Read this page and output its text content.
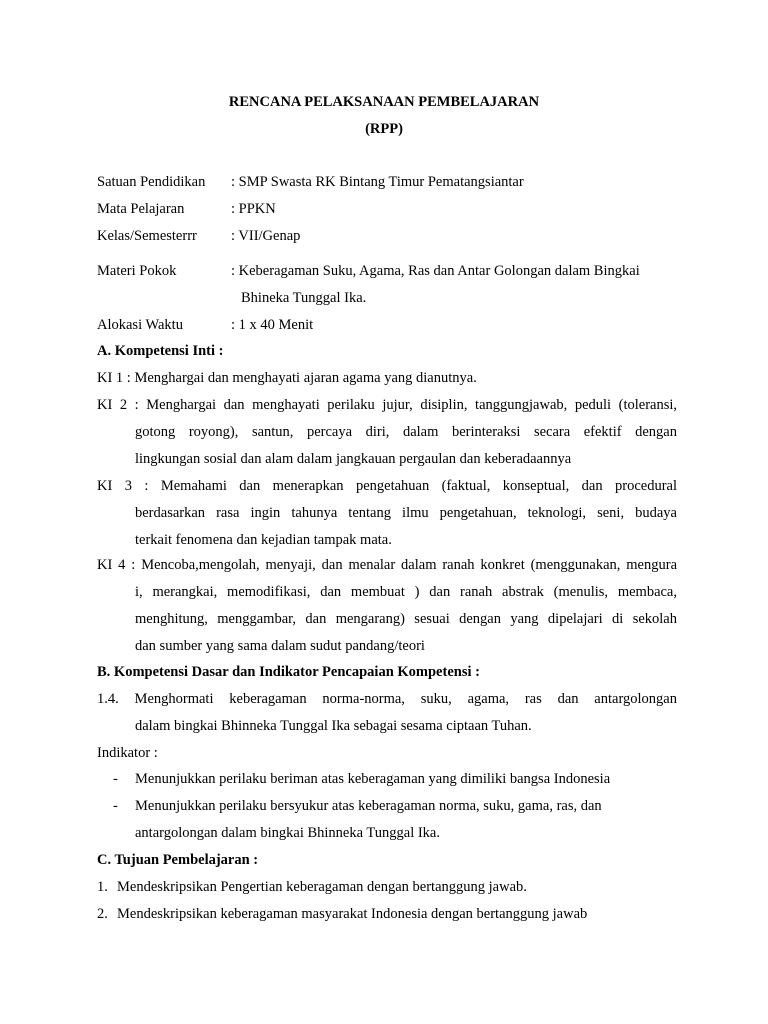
RENCANA PELAKSANAAN PEMBELAJARAN
(RPP)
Satuan Pendidikan : SMP Swasta RK Bintang Timur Pematangsiantar
Mata Pelajaran	: PPKN
Kelas/Semesterrr : VII/Genap
Materi Pokok	: Keberagaman Suku, Agama, Ras dan Antar Golongan dalam Bingkai
Bhineka Tunggal Ika.
Alokasi Waktu	: 1 x 40 Menit
A. Kompetensi Inti :
KI 1 : Menghargai dan menghayati ajaran agama yang dianutnya.
KI 2 : Menghargai dan menghayati perilaku jujur, disiplin, tanggungjawab, peduli (toleransi,
gotong royong), santun, percaya diri, dalam berinteraksi secara efektif dengan
lingkungan sosial dan alam dalam jangkauan pergaulan dan keberadaannya
KI 3 : Memahami dan menerapkan pengetahuan (faktual, konseptual, dan procedural
berdasarkan rasa ingin tahunya tentang ilmu pengetahuan, teknologi, seni, budaya
terkait fenomena dan kejadian tampak mata.
KI 4 : Mencoba,mengolah, menyaji, dan menalar dalam ranah konkret (menggunakan, mengura
i, merangkai, memodifikasi, dan membuat ) dan ranah abstrak (menulis, membaca,
menghitung, menggambar, dan mengarang) sesuai dengan yang dipelajari di sekolah
dan sumber yang sama dalam sudut pandang/teori
B. Kompetensi Dasar dan Indikator Pencapaian Kompetensi :
1.4. Menghormati keberagaman norma-norma, suku, agama, ras dan antargolongan
dalam bingkai Bhinneka Tunggal Ika sebagai sesama ciptaan Tuhan.
Indikator :
- Menunjukkan perilaku beriman atas keberagaman yang dimiliki bangsa Indonesia
- Menunjukkan perilaku bersyukur atas keberagaman norma, suku, gama, ras, dan
antargolongan dalam bingkai Bhinneka Tunggal Ika.
C. Tujuan Pembelajaran :
1. Mendeskripsikan Pengertian keberagaman dengan bertanggung jawab.
2. Mendeskripsikan keberagaman masyarakat Indonesia dengan bertanggung jawab
